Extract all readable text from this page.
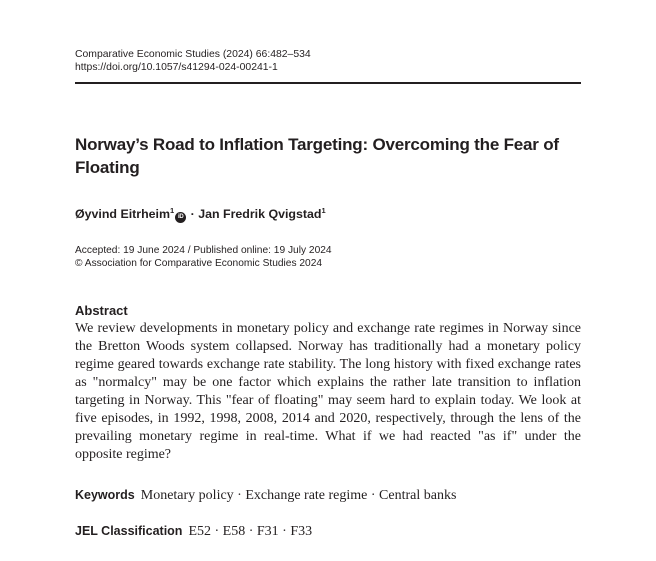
Comparative Economic Studies (2024) 66:482–534
https://doi.org/10.1057/s41294-024-00241-1
Norway’s Road to Inflation Targeting: Overcoming the Fear of Floating
Øyvind Eitrheim$^1$iD · Jan Fredrik Qvigstad$^1$
Accepted: 19 June 2024 / Published online: 19 July 2024
© Association for Comparative Economic Studies 2024
Abstract

We review developments in monetary policy and exchange rate regimes in Norway since the Bretton Woods system collapsed. Norway has traditionally had a monetary policy regime geared towards exchange rate stability. The long history with fixed exchange rates as "normalcy" may be one factor which explains the rather late transition to inflation targeting in Norway. This "fear of floating" may seem hard to explain today. We look at five episodes, in 1992, 1998, 2008, 2014 and 2020, respectively, through the lens of the prevailing monetary regime in real-time. What if we had reacted "as if" under the opposite regime?

Keywords Monetary policy · Exchange rate regime · Central banks
JEL Classification E52 · E58 · F31 · F33
